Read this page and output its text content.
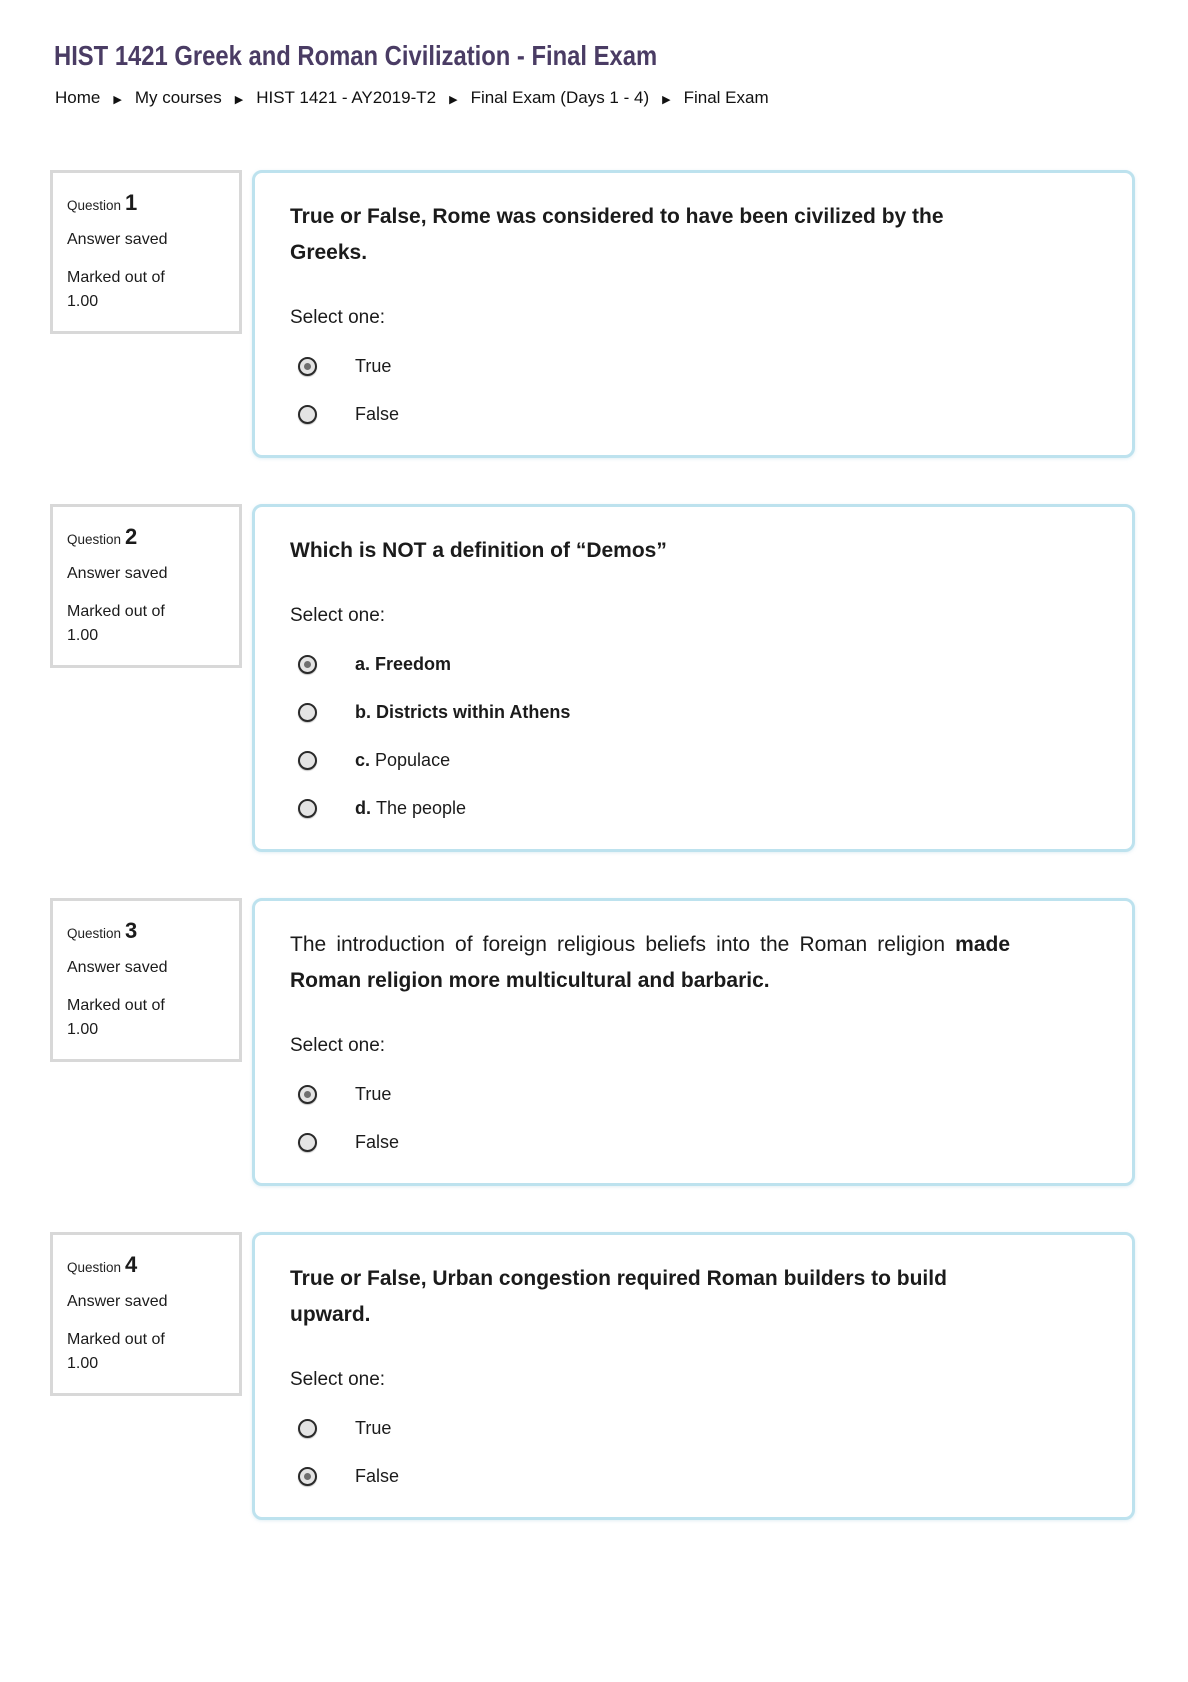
HIST 1421 Greek and Roman Civilization - Final Exam
Home ▶ My courses ▶ HIST 1421 - AY2019-T2 ▶ Final Exam (Days 1 - 4) ▶ Final Exam
Question 1
Answer saved
Marked out of
1.00

True or False, Rome was considered to have been civilized by the Greeks.

Select one:

True
False
Question 2
Answer saved
Marked out of
1.00

Which is NOT a definition of “Demos”

Select one:

a. Freedom
b. Districts within Athens
c. Populace
d. The people
Question 3
Answer saved
Marked out of
1.00

The introduction of foreign religious beliefs into the Roman religion made Roman religion more multicultural and barbaric.

Select one:

True
False
Question 4
Answer saved
Marked out of
1.00

True or False, Urban congestion required Roman builders to build upward.

Select one:

True
False
